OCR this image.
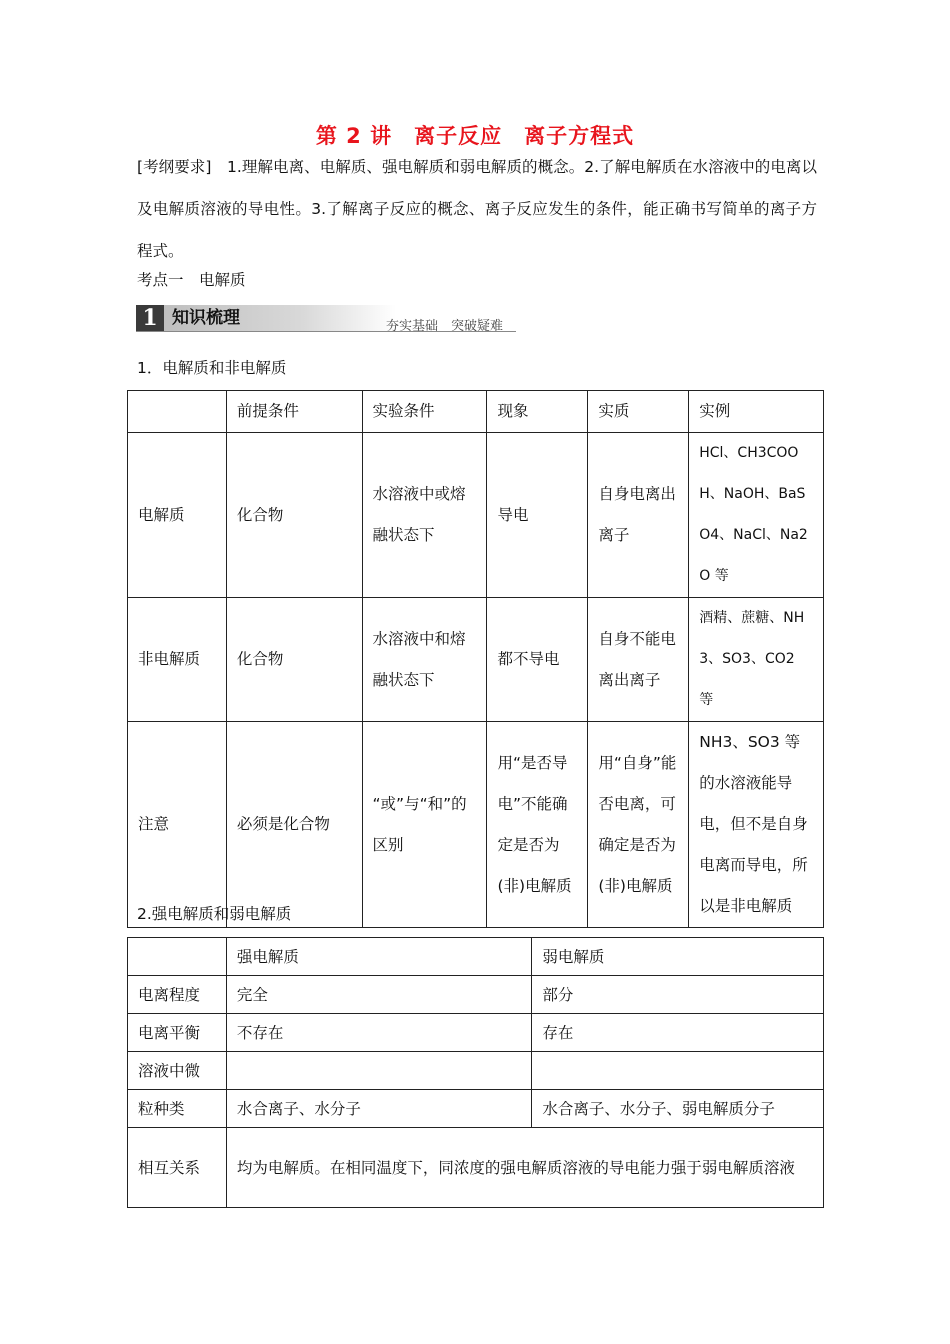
第 2 讲　离子反应　离子方程式
[考纲要求]　1.理解电离、电解质、强电解质和弱电解质的概念。2.了解电解质在水溶液中的电离以及电解质溶液的导电性。3.了解离子反应的概念、离子反应发生的条件，能正确书写简单的离子方程式。
考点一　电解质
1 知识梳理	夯实基础　突破疑难
1．电解质和非电解质
	前提条件	实验条件	现象	实质	实例
电解质	化合物	水溶液中或熔融状态下	导电	自身电离出离子	HCl、CH3COOH、NaOH、BaSO4、NaCl、Na2O 等
非电解质	化合物	水溶液中和熔融状态下	都不导电	自身不能电离出离子	酒精、蔗糖、NH3、SO3、CO2 等
注意	必须是化合物	“或”与“和”的区别	用“是否导电”不能确定是否为(非)电解质	用“自身”能否电离，可确定是否为(非)电解质	NH3、SO3 等的水溶液能导电，但不是自身电离而导电，所以是非电解质
2.强电解质和弱电解质
	强电解质	弱电解质
电离程度	完全	部分
电离平衡	不存在	存在
溶液中微		
粒种类	水合离子、水分子	水合离子、水分子、弱电解质分子
相互关系	均为电解质。在相同温度下，同浓度的强电解质溶液的导电能力强于弱电解质溶液	
